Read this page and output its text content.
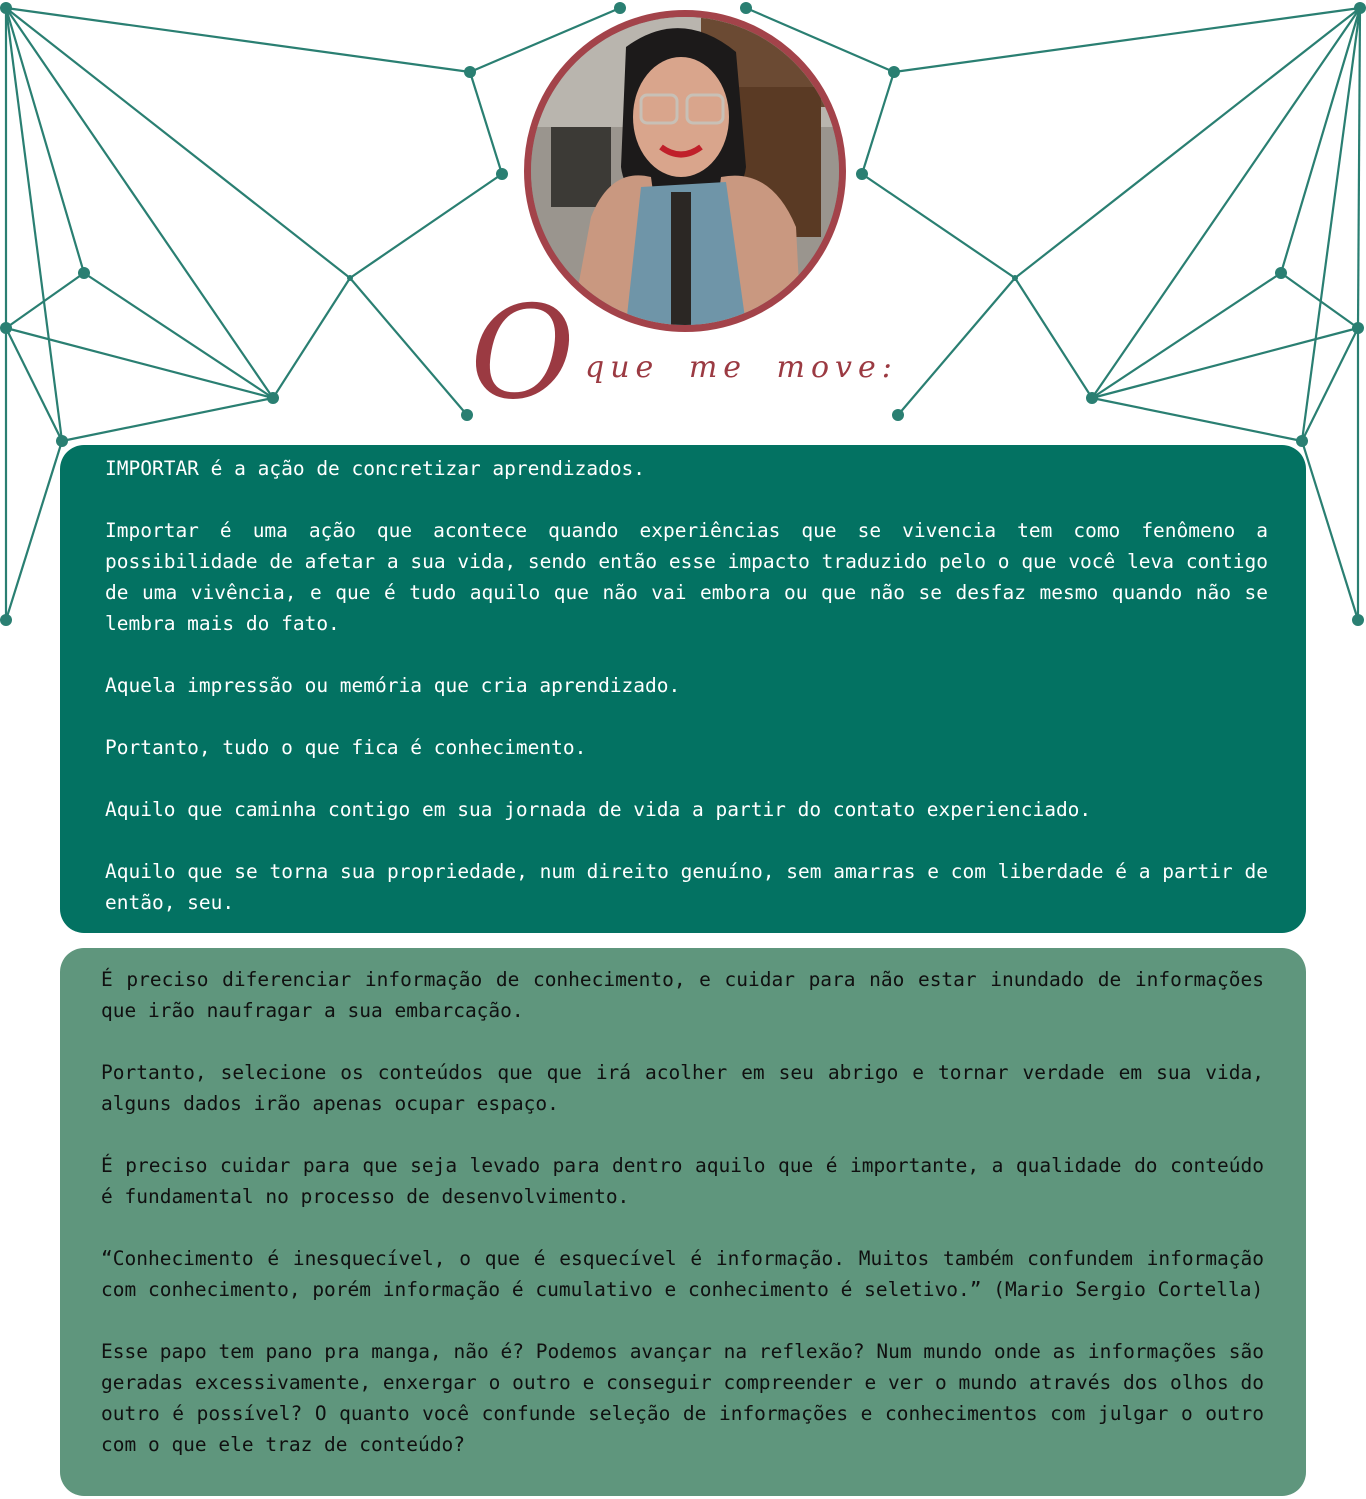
O que me move:

IMPORTAR é a ação de concretizar aprendizados.

Importar é uma ação que acontece quando experiências que se vivencia tem como fenômeno a possibilidade de afetar a sua vida, sendo então esse impacto traduzido pelo o que você leva contigo de uma vivência, e que é tudo aquilo que não vai embora ou que não se desfaz mesmo quando não se lembra mais do fato.

Aquela impressão ou memória que cria aprendizado.

Portanto, tudo o que fica é conhecimento.

Aquilo que caminha contigo em sua jornada de vida a partir do contato experienciado.

Aquilo que se torna sua propriedade, num direito genuíno, sem amarras e com liberdade é a partir de então, seu.

É preciso diferenciar informação de conhecimento, e cuidar para não estar inundado de informações que irão naufragar a sua embarcação.

Portanto, selecione os conteúdos que que irá acolher em seu abrigo e tornar verdade em sua vida, alguns dados irão apenas ocupar espaço.

É preciso cuidar para que seja levado para dentro aquilo que é importante, a qualidade do conteúdo é fundamental no processo de desenvolvimento.

“Conhecimento é inesquecível, o que é esquecível é informação. Muitos também confundem informação com conhecimento, porém informação é cumulativo e conhecimento é seletivo.” (Mario Sergio Cortella)

Esse papo tem pano pra manga, não é? Podemos avançar na reflexão? Num mundo onde as informações são geradas excessivamente, enxergar o outro e conseguir compreender e ver o mundo através dos olhos do outro é possível? O quanto você confunde seleção de informações e conhecimentos com julgar o outro com o que ele traz de conteúdo?
